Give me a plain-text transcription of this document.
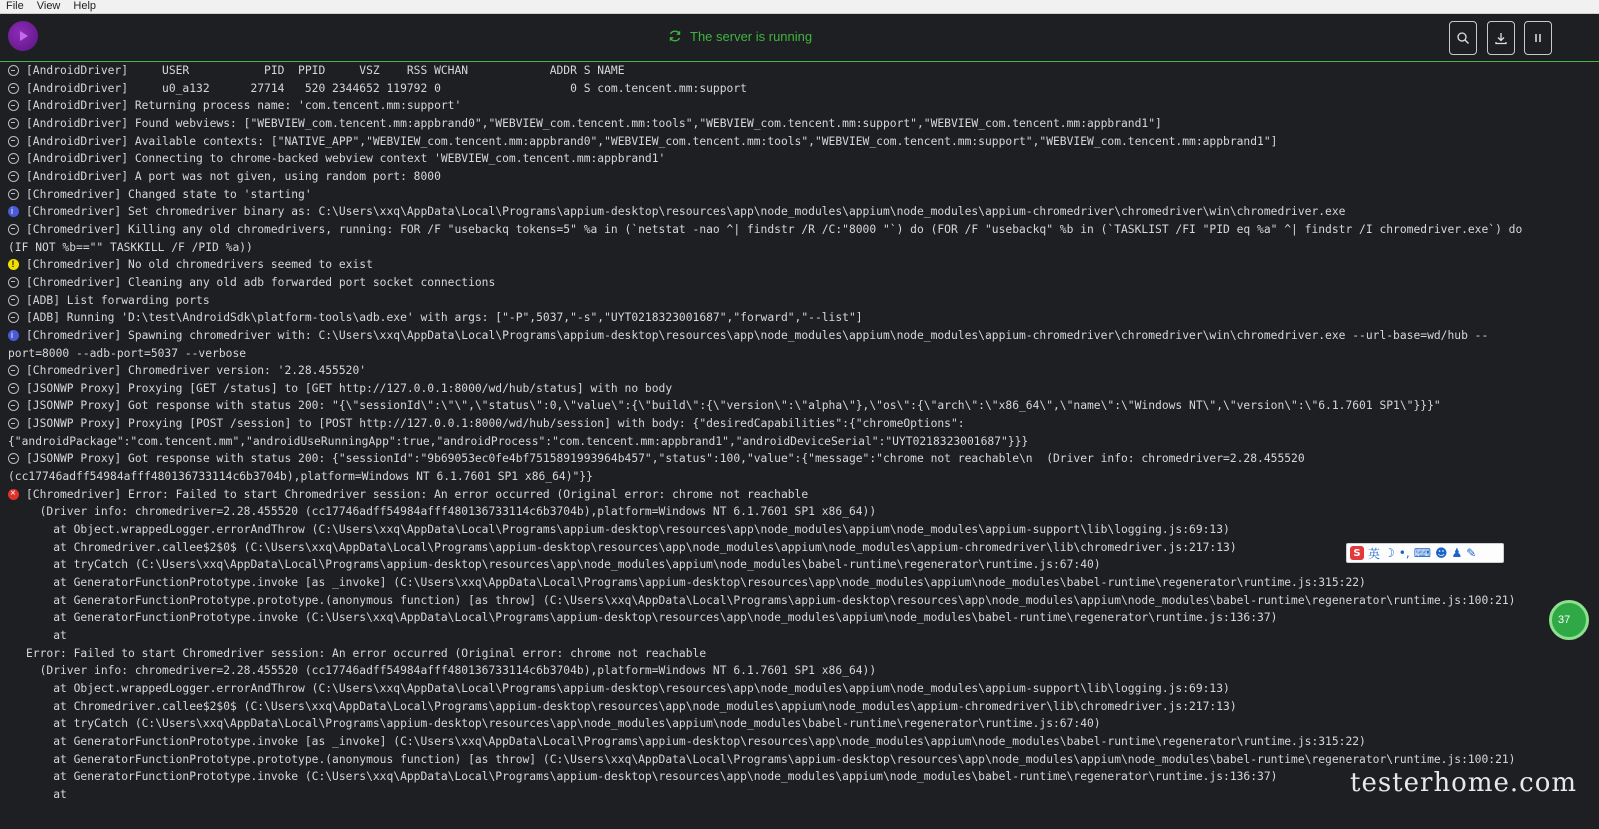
File	View	Help
The server is running
[AndroidDriver]     USER           PID  PPID     VSZ    RSS WCHAN            ADDR S NAME
[AndroidDriver]     u0_a132      27714   520 2344652 119792 0                   0 S com.tencent.mm:support
[AndroidDriver] Returning process name: 'com.tencent.mm:support'
[AndroidDriver] Found webviews: ["WEBVIEW_com.tencent.mm:appbrand0","WEBVIEW_com.tencent.mm:tools","WEBVIEW_com.tencent.mm:support","WEBVIEW_com.tencent.mm:appbrand1"]
[AndroidDriver] Available contexts: ["NATIVE_APP","WEBVIEW_com.tencent.mm:appbrand0","WEBVIEW_com.tencent.mm:tools","WEBVIEW_com.tencent.mm:support","WEBVIEW_com.tencent.mm:appbrand1"]
[AndroidDriver] Connecting to chrome-backed webview context 'WEBVIEW_com.tencent.mm:appbrand1'
[AndroidDriver] A port was not given, using random port: 8000
[Chromedriver] Changed state to 'starting'
i
[Chromedriver] Set chromedriver binary as: C:\Users\xxq\AppData\Local\Programs\appium-desktop\resources\app\node_modules\appium\node_modules\appium-chromedriver\chromedriver\win\chromedriver.exe
[Chromedriver] Killing any old chromedrivers, running: FOR /F "usebackq tokens=5" %a in (`netstat -nao ^| findstr /R /C:"8000 "`) do (FOR /F "usebackq" %b in (`TASKLIST /FI "PID eq %a" ^| findstr /I chromedriver.exe`) do
(IF NOT %b=="" TASKKILL /F /PID %a))
!
[Chromedriver] No old chromedrivers seemed to exist
[Chromedriver] Cleaning any old adb forwarded port socket connections
[ADB] List forwarding ports
[ADB] Running 'D:\test\AndroidSdk\platform-tools\adb.exe' with args: ["-P",5037,"-s","UYT0218323001687","forward","--list"]
i
[Chromedriver] Spawning chromedriver with: C:\Users\xxq\AppData\Local\Programs\appium-desktop\resources\app\node_modules\appium\node_modules\appium-chromedriver\chromedriver\win\chromedriver.exe --url-base=wd/hub --
port=8000 --adb-port=5037 --verbose
[Chromedriver] Chromedriver version: '2.28.455520'
[JSONWP Proxy] Proxying [GET /status] to [GET http://127.0.0.1:8000/wd/hub/status] with no body
[JSONWP Proxy] Got response with status 200: "{\"sessionId\":\"\",\"status\":0,\"value\":{\"build\":{\"version\":\"alpha\"},\"os\":{\"arch\":\"x86_64\",\"name\":\"Windows NT\",\"version\":\"6.1.7601 SP1\"}}}"
[JSONWP Proxy] Proxying [POST /session] to [POST http://127.0.0.1:8000/wd/hub/session] with body: {"desiredCapabilities":{"chromeOptions":
{"androidPackage":"com.tencent.mm","androidUseRunningApp":true,"androidProcess":"com.tencent.mm:appbrand1","androidDeviceSerial":"UYT0218323001687"}}}
[JSONWP Proxy] Got response with status 200: {"sessionId":"9b69053ec0fe4bf7515891993964b457","status":100,"value":{"message":"chrome not reachable\n  (Driver info: chromedriver=2.28.455520
(cc17746adff54984afff480136733114c6b3704b),platform=Windows NT 6.1.7601 SP1 x86_64)"}}
×
[Chromedriver] Error: Failed to start Chromedriver session: An error occurred (Original error: chrome not reachable
(Driver info: chromedriver=2.28.455520 (cc17746adff54984afff480136733114c6b3704b),platform=Windows NT 6.1.7601 SP1 x86_64))
at Object.wrappedLogger.errorAndThrow (C:\Users\xxq\AppData\Local\Programs\appium-desktop\resources\app\node_modules\appium\node_modules\appium-support\lib\logging.js:69:13)
at Chromedriver.callee$2$0$ (C:\Users\xxq\AppData\Local\Programs\appium-desktop\resources\app\node_modules\appium\node_modules\appium-chromedriver\lib\chromedriver.js:217:13)
at tryCatch (C:\Users\xxq\AppData\Local\Programs\appium-desktop\resources\app\node_modules\appium\node_modules\babel-runtime\regenerator\runtime.js:67:40)
at GeneratorFunctionPrototype.invoke [as _invoke] (C:\Users\xxq\AppData\Local\Programs\appium-desktop\resources\app\node_modules\appium\node_modules\babel-runtime\regenerator\runtime.js:315:22)
at GeneratorFunctionPrototype.prototype.(anonymous function) [as throw] (C:\Users\xxq\AppData\Local\Programs\appium-desktop\resources\app\node_modules\appium\node_modules\babel-runtime\regenerator\runtime.js:100:21)
at GeneratorFunctionPrototype.invoke (C:\Users\xxq\AppData\Local\Programs\appium-desktop\resources\app\node_modules\appium\node_modules\babel-runtime\regenerator\runtime.js:136:37)
at
Error: Failed to start Chromedriver session: An error occurred (Original error: chrome not reachable
(Driver info: chromedriver=2.28.455520 (cc17746adff54984afff480136733114c6b3704b),platform=Windows NT 6.1.7601 SP1 x86_64))
at Object.wrappedLogger.errorAndThrow (C:\Users\xxq\AppData\Local\Programs\appium-desktop\resources\app\node_modules\appium\node_modules\appium-support\lib\logging.js:69:13)
at Chromedriver.callee$2$0$ (C:\Users\xxq\AppData\Local\Programs\appium-desktop\resources\app\node_modules\appium\node_modules\appium-chromedriver\lib\chromedriver.js:217:13)
at tryCatch (C:\Users\xxq\AppData\Local\Programs\appium-desktop\resources\app\node_modules\appium\node_modules\babel-runtime\regenerator\runtime.js:67:40)
at GeneratorFunctionPrototype.invoke [as _invoke] (C:\Users\xxq\AppData\Local\Programs\appium-desktop\resources\app\node_modules\appium\node_modules\babel-runtime\regenerator\runtime.js:315:22)
at GeneratorFunctionPrototype.prototype.(anonymous function) [as throw] (C:\Users\xxq\AppData\Local\Programs\appium-desktop\resources\app\node_modules\appium\node_modules\babel-runtime\regenerator\runtime.js:100:21)
at GeneratorFunctionPrototype.invoke (C:\Users\xxq\AppData\Local\Programs\appium-desktop\resources\app\node_modules\appium\node_modules\babel-runtime\regenerator\runtime.js:136:37)
at
S 英 ☽ •, ⌨ ☻ ♟ ✎
37
testerhome.com
